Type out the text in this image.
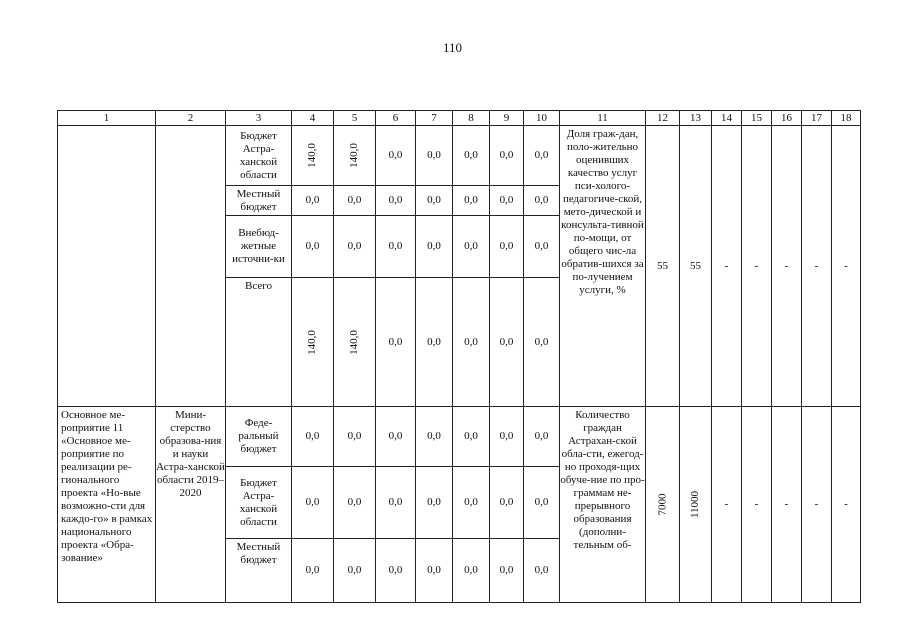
110
1	2	3	4	5	6	7	8	9	10	11	12	13	14	15	16	17	18
		Бюджет Астра-ханской области	140,0	140,0	0,0	0,0	0,0	0,0	0,0	Доля граж-дан, поло-жительно оценивших качество услуг пси-холого-педагогиче-ской, мето-дической и консульта-тивной по-мощи, от общего чис-ла обратив-шихся за по-лучением услуги, %	55	55	-	-	-	-	-
		Местный бюджет	0,0	0,0	0,0	0,0	0,0	0,0	0,0								
		Внебюд-жетные источни-ки	0,0	0,0	0,0	0,0	0,0	0,0	0,0								
		Всего	140,0	140,0	0,0	0,0	0,0	0,0	0,0								
Основное ме-роприятие 11 «Основное ме-роприятие по реализации ре-гионального проекта «Но-вые возможно-сти для каждо-го» в рамках национального проекта «Обра-зование»	Мини-стерство образова-ния и науки Астра-ханской области 2019–2020	Феде-ральный бюджет	0,0	0,0	0,0	0,0	0,0	0,0	0,0	Количество граждан Астрахан-ской обла-сти, ежегод-но проходя-щих обуче-ние по про-граммам не-прерывного образования (дополни-тельным об-	7000	11000	-	-	-	-	-
		Бюджет Астра-ханской области	0,0	0,0	0,0	0,0	0,0	0,0	0,0								
		Местный бюджет	0,0	0,0	0,0	0,0	0,0	0,0	0,0								
